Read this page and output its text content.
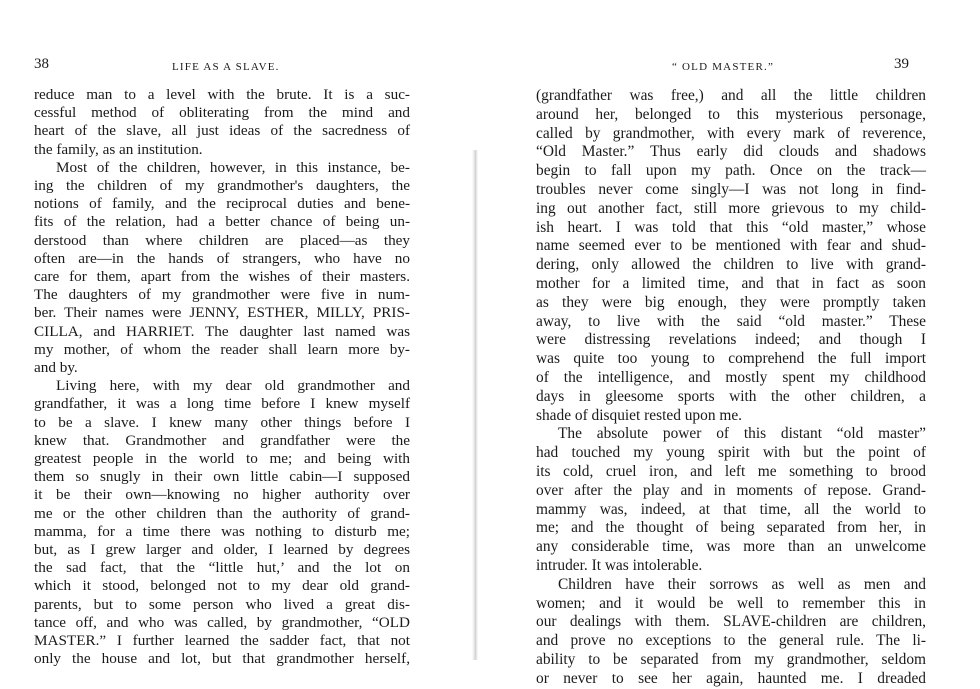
38	LIFE AS A SLAVE.
reduce man to a level with the brute. It is a suc-
cessful method of obliterating from the mind and
heart of the slave, all just ideas of the sacredness of
the family, as an institution.
Most of the children, however, in this instance, be-
ing the children of my grandmother's daughters, the
notions of family, and the reciprocal duties and bene-
fits of the relation, had a better chance of being un-
derstood than where children are placed—as they
often are—in the hands of strangers, who have no
care for them, apart from the wishes of their masters.
The daughters of my grandmother were five in num-
ber. Their names were JENNY, ESTHER, MILLY, PRIS-
CILLA, and HARRIET. The daughter last named was
my mother, of whom the reader shall learn more by-
and by.
Living here, with my dear old grandmother and
grandfather, it was a long time before I knew myself
to be a slave. I knew many other things before I
knew that. Grandmother and grandfather were the
greatest people in the world to me; and being with
them so snugly in their own little cabin—I supposed
it be their own—knowing no higher authority over
me or the other children than the authority of grand-
mamma, for a time there was nothing to disturb me;
but, as I grew larger and older, I learned by degrees
the sad fact, that the “little hut,’ and the lot on
which it stood, belonged not to my dear old grand-
parents, but to some person who lived a great dis-
tance off, and who was called, by grandmother, “OLD
MASTER.” I further learned the sadder fact, that not
only the house and lot, but that grandmother herself,
“ OLD MASTER.”	39
(grandfather was free,) and all the little children
around her, belonged to this mysterious personage,
called by grandmother, with every mark of reverence,
“Old Master.” Thus early did clouds and shadows
begin to fall upon my path. Once on the track—
troubles never come singly—I was not long in find-
ing out another fact, still more grievous to my child-
ish heart. I was told that this “old master,” whose
name seemed ever to be mentioned with fear and shud-
dering, only allowed the children to live with grand-
mother for a limited time, and that in fact as soon
as they were big enough, they were promptly taken
away, to live with the said “old master.” These
were distressing revelations indeed; and though I
was quite too young to comprehend the full import
of the intelligence, and mostly spent my childhood
days in gleesome sports with the other children, a
shade of disquiet rested upon me.
The absolute power of this distant “old master”
had touched my young spirit with but the point of
its cold, cruel iron, and left me something to brood
over after the play and in moments of repose. Grand-
mammy was, indeed, at that time, all the world to
me; and the thought of being separated from her, in
any considerable time, was more than an unwelcome
intruder. It was intolerable.
Children have their sorrows as well as men and
women; and it would be well to remember this in
our dealings with them. SLAVE-children are children,
and prove no exceptions to the general rule. The li-
ability to be separated from my grandmother, seldom
or never to see her again, haunted me. I dreaded
